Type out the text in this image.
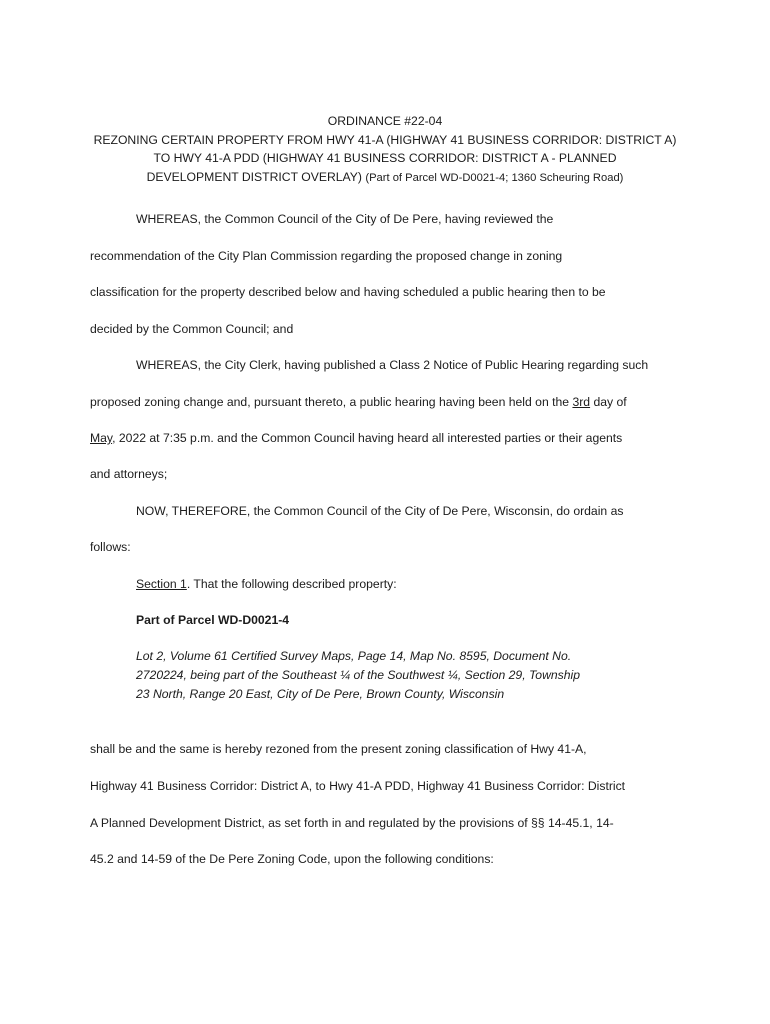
ORDINANCE #22-04
REZONING CERTAIN PROPERTY FROM HWY 41-A (HIGHWAY 41 BUSINESS CORRIDOR: DISTRICT A)
TO HWY 41-A PDD (HIGHWAY 41 BUSINESS CORRIDOR: DISTRICT A - PLANNED
DEVELOPMENT DISTRICT OVERLAY) (Part of Parcel WD-D0021-4; 1360 Scheuring Road)
WHEREAS, the Common Council of the City of De Pere, having reviewed the
recommendation of the City Plan Commission regarding the proposed change in zoning
classification for the property described below and having scheduled a public hearing then to be
decided by the Common Council; and
WHEREAS, the City Clerk, having published a Class 2 Notice of Public Hearing regarding such
proposed zoning change and, pursuant thereto, a public hearing having been held on the 3rd day of
May, 2022 at 7:35 p.m. and the Common Council having heard all interested parties or their agents
and attorneys;
NOW, THEREFORE, the Common Council of the City of De Pere, Wisconsin, do ordain as
follows:
Section 1. That the following described property:
Part of Parcel WD-D0021-4
Lot 2, Volume 61 Certified Survey Maps, Page 14, Map No. 8595, Document No.
2720224, being part of the Southeast ¼ of the Southwest ¼, Section 29, Township
23 North, Range 20 East, City of De Pere, Brown County, Wisconsin
shall be and the same is hereby rezoned from the present zoning classification of Hwy 41-A,
Highway 41 Business Corridor: District A, to Hwy 41-A PDD, Highway 41 Business Corridor: District
A Planned Development District, as set forth in and regulated by the provisions of §§ 14-45.1, 14-
45.2 and 14-59 of the De Pere Zoning Code, upon the following conditions:
